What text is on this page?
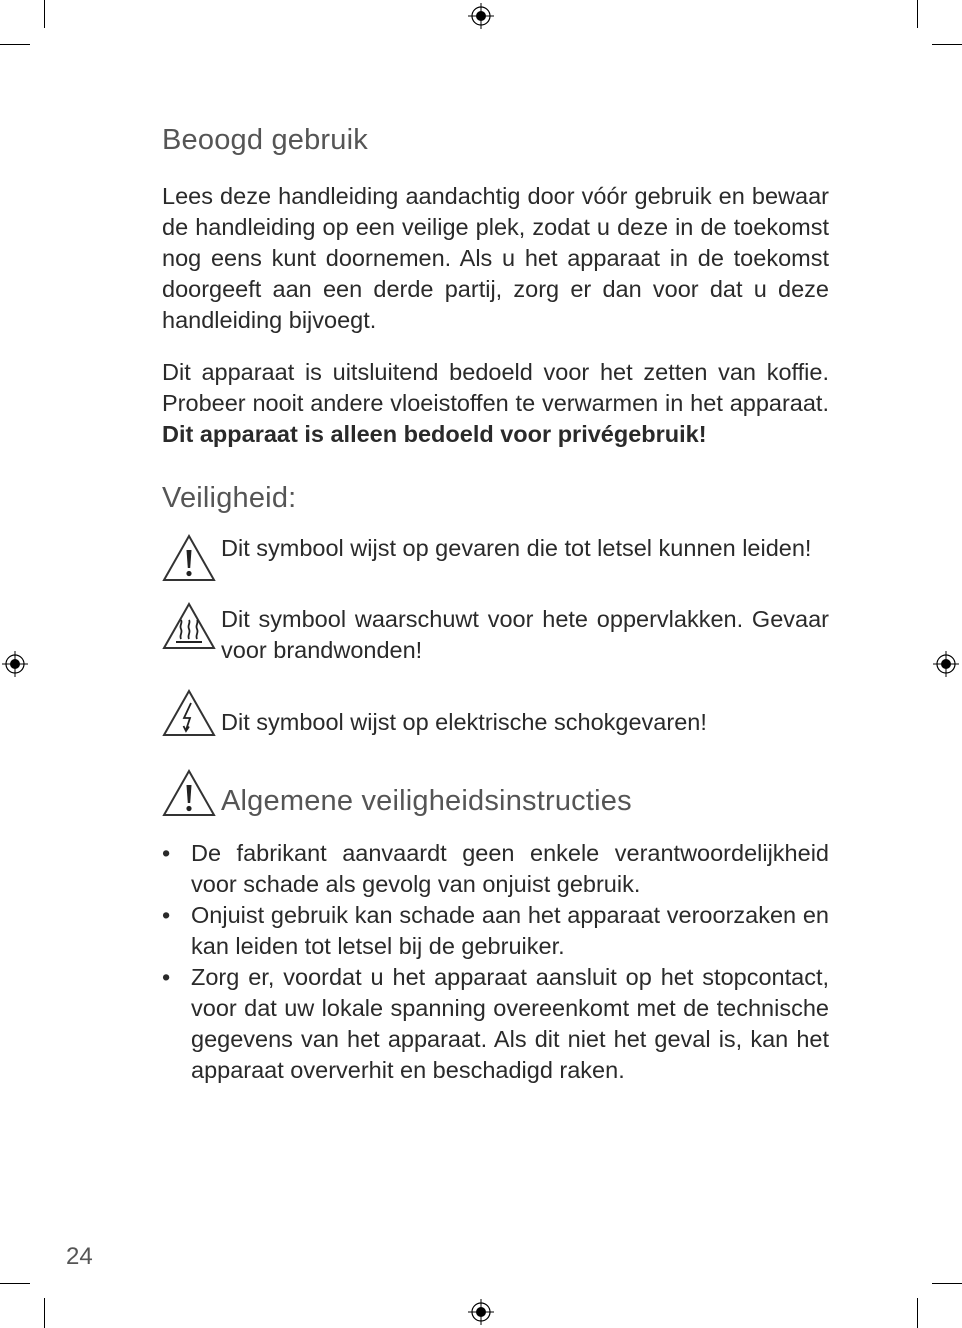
Beoogd gebruik

Lees deze handleiding aandachtig door vóór gebruik en bewaar de handleiding op een veilige plek, zodat u deze in de toekomst nog eens kunt doornemen. Als u het apparaat in de toekomst doorgeeft aan een derde partij, zorg er dan voor dat u deze handleiding bijvoegt.

Dit apparaat is uitsluitend bedoeld voor het zetten van koffie. Probeer nooit andere vloeistoffen te verwarmen in het apparaat. Dit apparaat is alleen bedoeld voor privégebruik!

Veiligheid:

Dit symbool wijst op gevaren die tot letsel kunnen leiden!

Dit symbool waarschuwt voor hete oppervlakken. Gevaar voor brandwonden!

Dit symbool wijst op elektrische schokgevaren!

Algemene veiligheidsinstructies
• De fabrikant aanvaardt geen enkele verantwoordelijkheid voor schade als gevolg van onjuist gebruik.

• Onjuist gebruik kan schade aan het apparaat veroorzaken en kan leiden tot letsel bij de gebruiker.

• Zorg er, voordat u het apparaat aansluit op het stopcontact, voor dat uw lokale spanning overeenkomt met de technische gegevens van het apparaat. Als dit niet het geval is, kan het apparaat oververhit en beschadigd raken.

24
